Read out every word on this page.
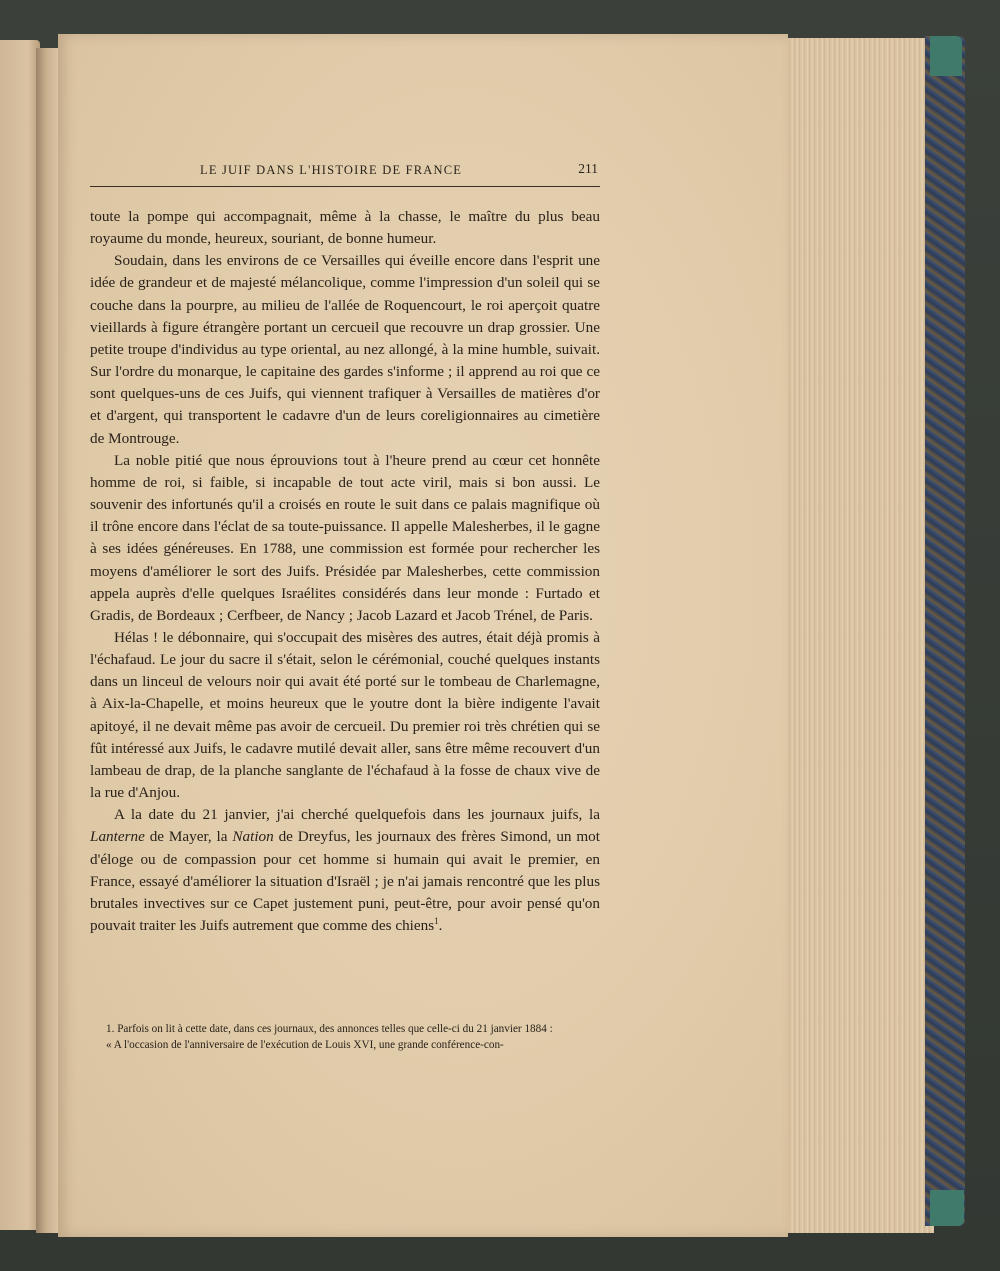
LE JUIF DANS L'HISTOIRE DE FRANCE	211

toute la pompe qui accompagnait, même à la chasse, le maître du plus beau royaume du monde, heureux, souriant, de bonne humeur.

Soudain, dans les environs de ce Versailles qui éveille encore dans l'esprit une idée de grandeur et de majesté mélancolique, comme l'impression d'un soleil qui se couche dans la pourpre, au milieu de l'allée de Roquencourt, le roi aperçoit quatre vieillards à figure étrangère portant un cercueil que recouvre un drap grossier. Une petite troupe d'individus au type oriental, au nez allongé, à la mine humble, suivait. Sur l'ordre du monarque, le capitaine des gardes s'informe ; il apprend au roi que ce sont quelques-uns de ces Juifs, qui viennent trafiquer à Versailles de matières d'or et d'argent, qui transportent le cadavre d'un de leurs coreligionnaires au cimetière de Montrouge.

La noble pitié que nous éprouvions tout à l'heure prend au cœur cet honnête homme de roi, si faible, si incapable de tout acte viril, mais si bon aussi. Le souvenir des infortunés qu'il a croisés en route le suit dans ce palais magnifique où il trône encore dans l'éclat de sa toute-puissance. Il appelle Malesherbes, il le gagne à ses idées généreuses. En 1788, une commission est formée pour rechercher les moyens d'améliorer le sort des Juifs. Présidée par Malesherbes, cette commission appela auprès d'elle quelques Israélites considérés dans leur monde : Furtado et Gradis, de Bordeaux ; Cerfbeer, de Nancy ; Jacob Lazard et Jacob Trénel, de Paris.

Hélas ! le débonnaire, qui s'occupait des misères des autres, était déjà promis à l'échafaud. Le jour du sacre il s'était, selon le cérémonial, couché quelques instants dans un linceul de velours noir qui avait été porté sur le tombeau de Charlemagne, à Aix-la-Chapelle, et moins heureux que le youtre dont la bière indigente l'avait apitoyé, il ne devait même pas avoir de cercueil. Du premier roi très chrétien qui se fût intéressé aux Juifs, le cadavre mutilé devait aller, sans être même recouvert d'un lambeau de drap, de la planche sanglante de l'échafaud à la fosse de chaux vive de la rue d'Anjou.

A la date du 21 janvier, j'ai cherché quelquefois dans les journaux juifs, la Lanterne de Mayer, la Nation de Dreyfus, les journaux des frères Simond, un mot d'éloge ou de compassion pour cet homme si humain qui avait le premier, en France, essayé d'améliorer la situation d'Israël ; je n'ai jamais rencontré que les plus brutales invectives sur ce Capet justement puni, peut-être, pour avoir pensé qu'on pouvait traiter les Juifs autrement que comme des chiens$^1$.

1. Parfois on lit à cette date, dans ces journaux, des annonces telles que celle-ci du 21 janvier 1884 :

« A l'occasion de l'anniversaire de l'exécution de Louis XVI, une grande conférence-con-
